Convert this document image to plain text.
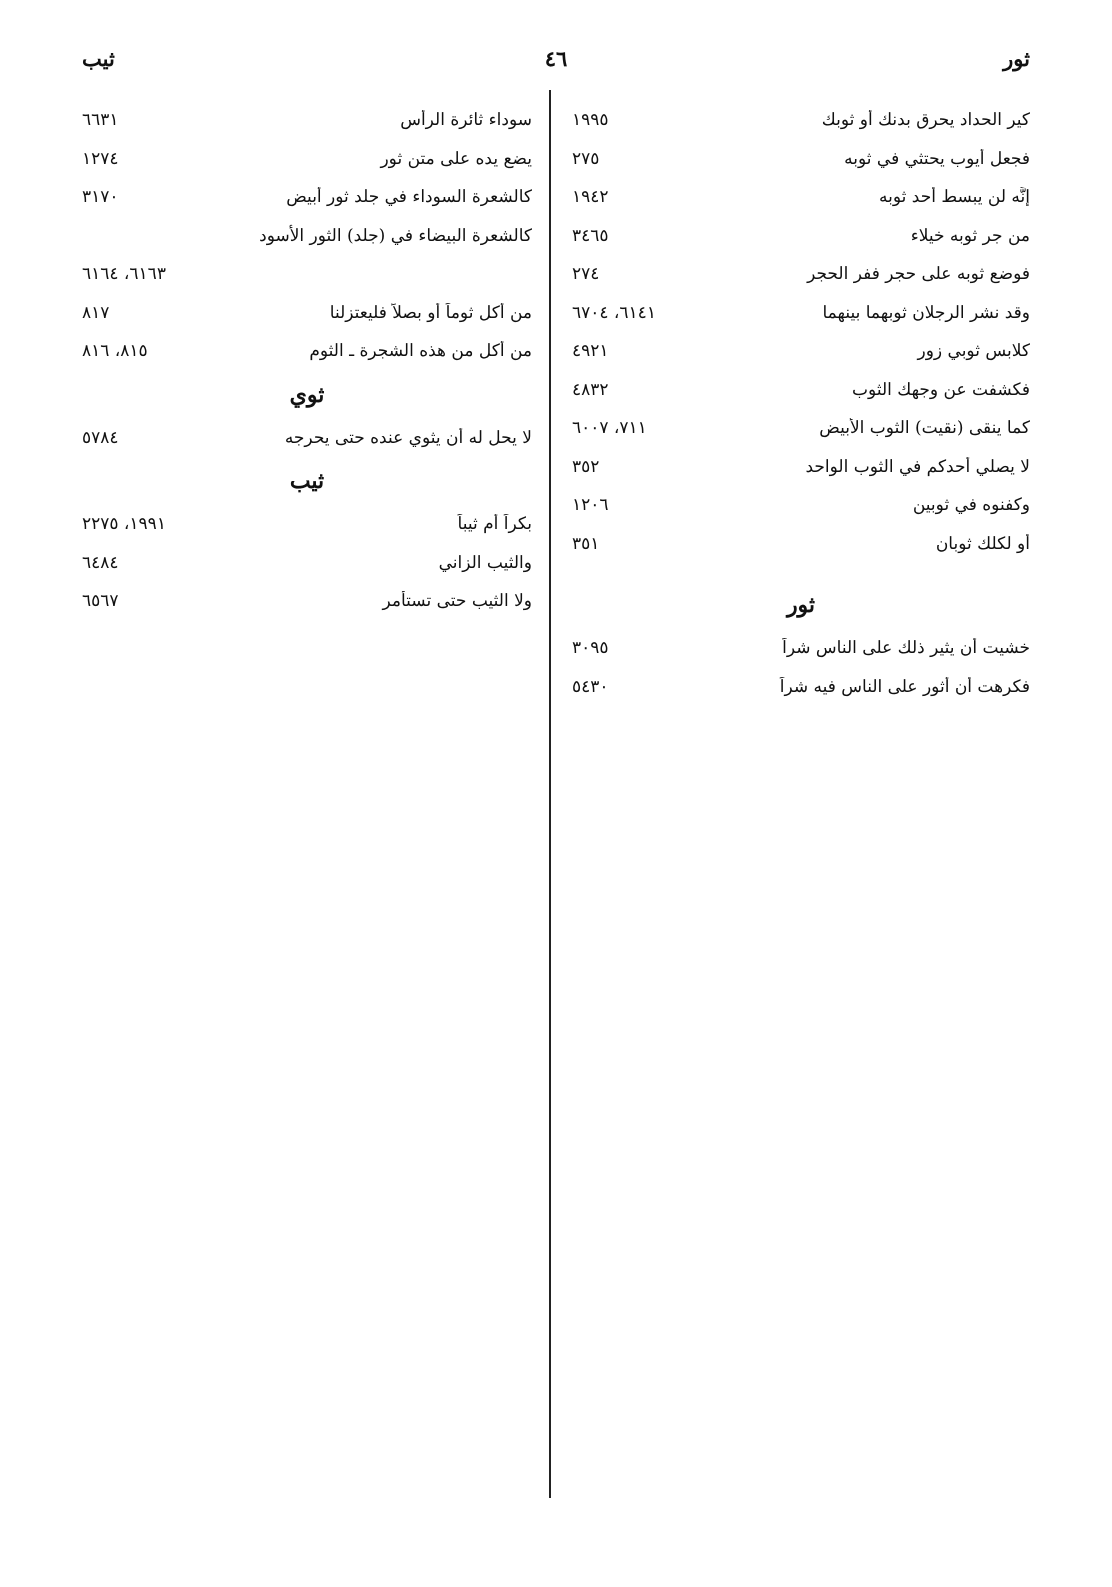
ثور
٤٦
ثيب
كير الحداد يحرق بدنك أو ثوبك
١٩٩٥
فجعل أيوب يحتثي في ثوبه
٢٧٥
إنَّه لن يبسط أحد ثوبه
١٩٤٢
من جر ثوبه خيلاء
٣٤٦٥
فوضع ثوبه على حجر ففر الحجر
٢٧٤
وقد نشر الرجلان ثوبهما بينهما
٦١٤١، ٦٧٠٤
كلابس ثوبي زور
٤٩٢١
فكشفت عن وجهك الثوب
٤٨٣٢
كما ينقى (نقيت) الثوب الأبيض
٧١١، ٦٠٠٧
لا يصلي أحدكم في الثوب الواحد
٣٥٢
وكفنوه في ثوبين
١٢٠٦
أو لكلك ثوبان
٣٥١
ثور
خشيت أن يثير ذلك على الناس شراً
٣٠٩٥
فكرهت أن أثور على الناس فيه شراً
٥٤٣٠
سوداء ثائرة الرأس
٦٦٣١
يضع يده على متن ثور
١٢٧٤
كالشعرة السوداء في جلد ثور أبيض
٣١٧٠
كالشعرة البيضاء في (جلد) الثور الأسود
٦١٦٣، ٦١٦٤
من أكل ثوماً أو بصلاً فليعتزلنا
٨١٧
من أكل من هذه الشجرة ـ الثوم
٨١٥، ٨١٦
ثوي
لا يحل له أن يثوي عنده حتى يحرجه
٥٧٨٤
ثيب
بكراً أم ثيباً
١٩٩١، ٢٢٧٥
والثيب الزاني
٦٤٨٤
ولا الثيب حتى تستأمر
٦٥٦٧
